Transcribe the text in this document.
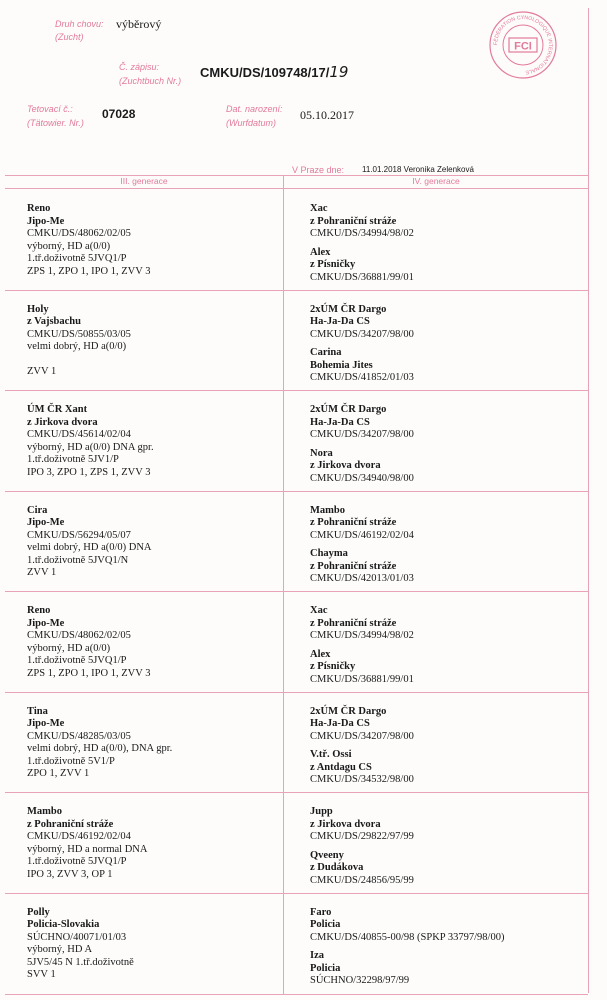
Druh chovu:
(Zucht)
výběrový
Č. zápisu:
(Zuchtbuch Nr.)
CMKU/DS/109748/17/19
Tetovací č.:
(Tätowier. Nr.)
07028	Dat. narození:
(Wurfdatum)
05.10.2017
V Praze dne: 11.01.2018 Veronika Zelenková
FÉDÉRATION CYNOLOGIQUE INTERNATIONALE
FCI
III. generace	IV. generace
Reno
Jipo-Me
CMKU/DS/48062/02/05
výborný, HD a(0/0)
1.tř.doživotně 5JVQ1/P
ZPS 1, ZPO 1, IPO 1, ZVV 3
Xac
z Pohraniční stráže
CMKU/DS/34994/98/02
Alex
z Písničky
CMKU/DS/36881/99/01
Holy
z Vajsbachu
CMKU/DS/50855/03/05
velmi dobrý, HD a(0/0)

ZVV 1
2xÚM ČR Dargo
Ha-Ja-Da CS
CMKU/DS/34207/98/00
Carina
Bohemia Jites
CMKU/DS/41852/01/03
ÚM ČR Xant
z Jirkova dvora
CMKU/DS/45614/02/04
výborný, HD a(0/0) DNA gpr.
1.tř.doživotně 5JV1/P
IPO 3, ZPO 1, ZPS 1, ZVV 3
2xÚM ČR Dargo
Ha-Ja-Da CS
CMKU/DS/34207/98/00
Nora
z Jirkova dvora
CMKU/DS/34940/98/00
Cira
Jipo-Me
CMKU/DS/56294/05/07
velmi dobrý, HD a(0/0) DNA
1.tř.doživotně 5JVQ1/N
ZVV 1
Mambo
z Pohraniční stráže
CMKU/DS/46192/02/04
Chayma
z Pohraniční stráže
CMKU/DS/42013/01/03
Reno
Jipo-Me
CMKU/DS/48062/02/05
výborný, HD a(0/0)
1.tř.doživotně 5JVQ1/P
ZPS 1, ZPO 1, IPO 1, ZVV 3
Xac
z Pohraniční stráže
CMKU/DS/34994/98/02
Alex
z Písničky
CMKU/DS/36881/99/01
Tina
Jipo-Me
CMKU/DS/48285/03/05
velmi dobrý, HD a(0/0), DNA gpr.
1.tř.doživotně 5V1/P
ZPO 1, ZVV 1
2xÚM ČR Dargo
Ha-Ja-Da CS
CMKU/DS/34207/98/00
V.tř. Ossi
z Antdagu CS
CMKU/DS/34532/98/00
Mambo
z Pohraniční stráže
CMKU/DS/46192/02/04
výborný, HD a normal DNA
1.tř.doživotně 5JVQ1/P
IPO 3, ZVV 3, OP 1
Jupp
z Jirkova dvora
CMKU/DS/29822/97/99
Qveeny
z Dudákova
CMKU/DS/24856/95/99
Polly
Policia-Slovakia
SÚCHNO/40071/01/03
výborný, HD A
5JV5/45 N 1.tř.doživotně
SVV 1
Faro
Policia
CMKU/DS/40855-00/98 (SPKP 33797/98/00)
Iza
Policia
SÚCHNO/32298/97/99
